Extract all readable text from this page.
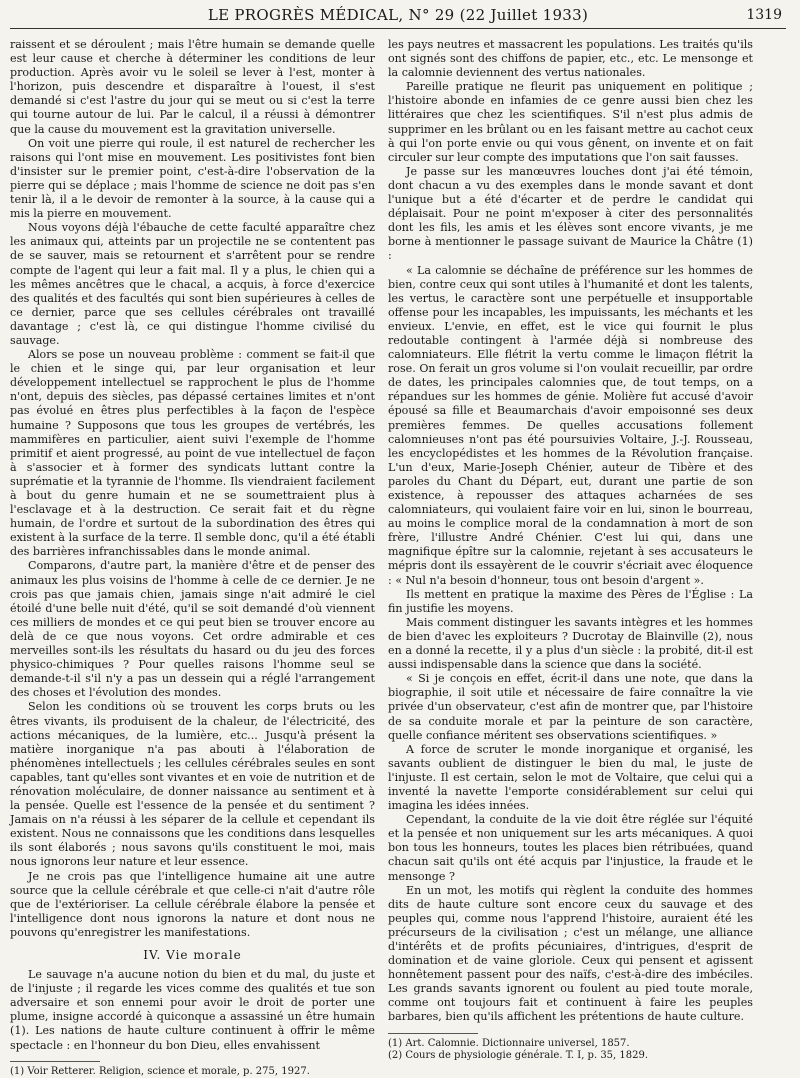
LE PROGRÈS MÉDICAL, N° 29 (22 Juillet 1933)	1319

raissent et se déroulent ; mais l'être humain se demande quelle est leur cause et cherche à déterminer les conditions de leur production. Après avoir vu le soleil se lever à l'est, monter à l'horizon, puis descendre et disparaître à l'ouest, il s'est demandé si c'est l'astre du jour qui se meut ou si c'est la terre qui tourne autour de lui. Par le calcul, il a réussi à démontrer que la cause du mouvement est la gravitation universelle.

On voit une pierre qui roule, il est naturel de rechercher les raisons qui l'ont mise en mouvement. Les positivistes font bien d'insister sur le premier point, c'est-à-dire l'observation de la pierre qui se déplace ; mais l'homme de science ne doit pas s'en tenir là, il a le devoir de remonter à la source, à la cause qui a mis la pierre en mouvement.

Nous voyons déjà l'ébauche de cette faculté apparaître chez les animaux qui, atteints par un projectile ne se contentent pas de se sauver, mais se retournent et s'arrêtent pour se rendre compte de l'agent qui leur a fait mal. Il y a plus, le chien qui a les mêmes ancêtres que le chacal, a acquis, à force d'exercice des qualités et des facultés qui sont bien supérieures à celles de ce dernier, parce que ses cellules cérébrales ont travaillé davantage ; c'est là, ce qui distingue l'homme civilisé du sauvage.

Alors se pose un nouveau problème : comment se fait-il que le chien et le singe qui, par leur organisation et leur développement intellectuel se rapprochent le plus de l'homme n'ont, depuis des siècles, pas dépassé certaines limites et n'ont pas évolué en êtres plus perfectibles à la façon de l'espèce humaine ? Supposons que tous les groupes de vertébrés, les mammifères en particulier, aient suivi l'exemple de l'homme primitif et aient progressé, au point de vue intellectuel de façon à s'associer et à former des syndicats luttant contre la suprématie et la tyrannie de l'homme. Ils viendraient facilement à bout du genre humain et ne se soumettraient plus à l'esclavage et à la destruction. Ce serait fait et du règne humain, de l'ordre et surtout de la subordination des êtres qui existent à la surface de la terre. Il semble donc, qu'il a été établi des barrières infranchissables dans le monde animal.

Comparons, d'autre part, la manière d'être et de penser des animaux les plus voisins de l'homme à celle de ce dernier. Je ne crois pas que jamais chien, jamais singe n'ait admiré le ciel étoilé d'une belle nuit d'été, qu'il se soit demandé d'où viennent ces milliers de mondes et ce qui peut bien se trouver encore au delà de ce que nous voyons. Cet ordre admirable et ces merveilles sont-ils les résultats du hasard ou du jeu des forces physico-chimiques ? Pour quelles raisons l'homme seul se demande-t-il s'il n'y a pas un dessein qui a réglé l'arrangement des choses et l'évolution des mondes.

Selon les conditions où se trouvent les corps bruts ou les êtres vivants, ils produisent de la chaleur, de l'électricité, des actions mécaniques, de la lumière, etc... Jusqu'à présent la matière inorganique n'a pas abouti à l'élaboration de phénomènes intellectuels ; les cellules cérébrales seules en sont capables, tant qu'elles sont vivantes et en voie de nutrition et de rénovation moléculaire, de donner naissance au sentiment et à la pensée. Quelle est l'essence de la pensée et du sentiment ? Jamais on n'a réussi à les séparer de la cellule et cependant ils existent. Nous ne connaissons que les conditions dans lesquelles ils sont élaborés ; nous savons qu'ils constituent le moi, mais nous ignorons leur nature et leur essence.

Je ne crois pas que l'intelligence humaine ait une autre source que la cellule cérébrale et que celle-ci n'ait d'autre rôle que de l'extérioriser. La cellule cérébrale élabore la pensée et l'intelligence dont nous ignorons la nature et dont nous ne pouvons qu'enregistrer les manifestations.

IV. Vie morale

Le sauvage n'a aucune notion du bien et du mal, du juste et de l'injuste ; il regarde les vices comme des qualités et tue son adversaire et son ennemi pour avoir le droit de porter une plume, insigne accordé à quiconque a assassiné un être humain (1). Les nations de haute culture continuent à offrir le même spectacle : en l'honneur du bon Dieu, elles envahissent

(1) Voir Retterer. Religion, science et morale, p. 275, 1927.

les pays neutres et massacrent les populations. Les traités qu'ils ont signés sont des chiffons de papier, etc., etc. Le mensonge et la calomnie deviennent des vertus nationales.

Pareille pratique ne fleurit pas uniquement en politique ; l'histoire abonde en infamies de ce genre aussi bien chez les littéraires que chez les scientifiques. S'il n'est plus admis de supprimer en les brûlant ou en les faisant mettre au cachot ceux à qui l'on porte envie ou qui vous gênent, on invente et on fait circuler sur leur compte des imputations que l'on sait fausses.

Je passe sur les manœuvres louches dont j'ai été témoin, dont chacun a vu des exemples dans le monde savant et dont l'unique but a été d'écarter et de perdre le candidat qui déplaisait. Pour ne point m'exposer à citer des personnalités dont les fils, les amis et les élèves sont encore vivants, je me borne à mentionner le passage suivant de Maurice la Châtre (1) :

« La calomnie se déchaîne de préférence sur les hommes de bien, contre ceux qui sont utiles à l'humanité et dont les talents, les vertus, le caractère sont une perpétuelle et insupportable offense pour les incapables, les impuissants, les méchants et les envieux. L'envie, en effet, est le vice qui fournit le plus redoutable contingent à l'armée déjà si nombreuse des calomniateurs. Elle flétrit la vertu comme le limaçon flétrit la rose. On ferait un gros volume si l'on voulait recueillir, par ordre de dates, les principales calomnies que, de tout temps, on a répandues sur les hommes de génie. Molière fut accusé d'avoir épousé sa fille et Beaumarchais d'avoir empoisonné ses deux premières femmes. De quelles accusations follement calomnieuses n'ont pas été poursuivies Voltaire, J.-J. Rousseau, les encyclopédistes et les hommes de la Révolution française. L'un d'eux, Marie-Joseph Chénier, auteur de Tibère et des paroles du Chant du Départ, eut, durant une partie de son existence, à repousser des attaques acharnées de ses calomniateurs, qui voulaient faire voir en lui, sinon le bourreau, au moins le complice moral de la condamnation à mort de son frère, l'illustre André Chénier. C'est lui qui, dans une magnifique épître sur la calomnie, rejetant à ses accusateurs le mépris dont ils essayèrent de le couvrir s'écriait avec éloquence : « Nul n'a besoin d'honneur, tous ont besoin d'argent ».

Ils mettent en pratique la maxime des Pères de l'Église : La fin justifie les moyens.

Mais comment distinguer les savants intègres et les hommes de bien d'avec les exploiteurs ? Ducrotay de Blainville (2), nous en a donné la recette, il y a plus d'un siècle : la probité, dit-il est aussi indispensable dans la science que dans la société.

« Si je conçois en effet, écrit-il dans une note, que dans la biographie, il soit utile et nécessaire de faire connaître la vie privée d'un observateur, c'est afin de montrer que, par l'histoire de sa conduite morale et par la peinture de son caractère, quelle confiance méritent ses observations scientifiques. »

A force de scruter le monde inorganique et organisé, les savants oublient de distinguer le bien du mal, le juste de l'injuste. Il est certain, selon le mot de Voltaire, que celui qui a inventé la navette l'emporte considérablement sur celui qui imagina les idées innées.

Cependant, la conduite de la vie doit être réglée sur l'équité et la pensée et non uniquement sur les arts mécaniques. A quoi bon tous les honneurs, toutes les places bien rétribuées, quand chacun sait qu'ils ont été acquis par l'injustice, la fraude et le mensonge ?

En un mot, les motifs qui règlent la conduite des hommes dits de haute culture sont encore ceux du sauvage et des peuples qui, comme nous l'apprend l'histoire, auraient été les précurseurs de la civilisation ; c'est un mélange, une alliance d'intérêts et de profits pécuniaires, d'intrigues, d'esprit de domination et de vaine gloriole. Ceux qui pensent et agissent honnêtement passent pour des naïfs, c'est-à-dire des imbéciles. Les grands savants ignorent ou foulent au pied toute morale, comme ont toujours fait et continuent à faire les peuples barbares, bien qu'ils affichent les prétentions de haute culture.

(1) Art. Calomnie. Dictionnaire universel, 1857.

(2) Cours de physiologie générale. T. I, p. 35, 1829.
